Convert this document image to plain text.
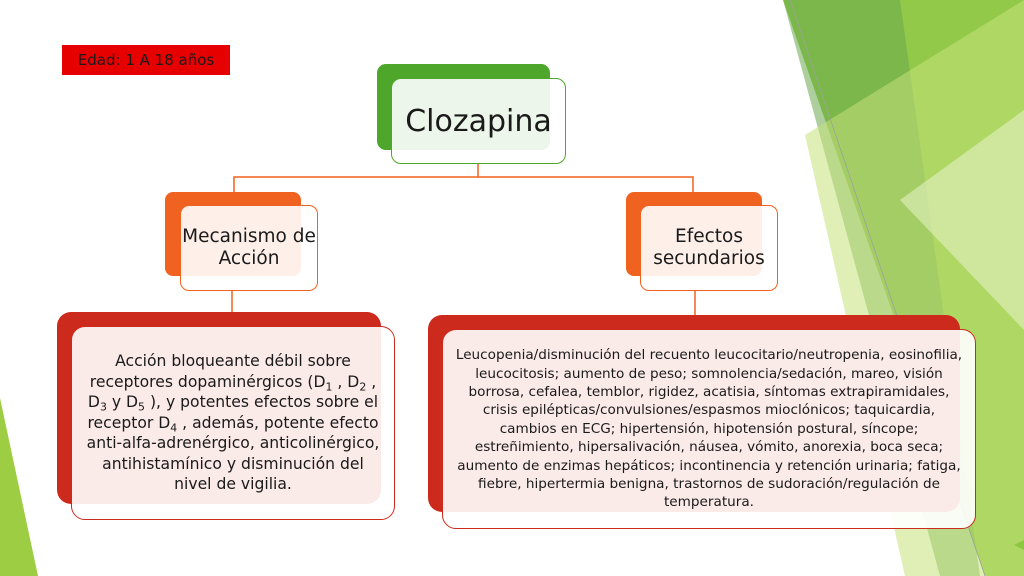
Edad: 1 A 18 años
Clozapina
Mecanismo de Acción
Efectos secundarios
Acción bloqueante débil sobre receptores dopaminérgicos ($D_1$ , $D_2$ , $D_3$ y $D_5$ ), y potentes efectos sobre el receptor $D_4$ , además, potente efecto anti-alfa-adrenérgico, anticolinérgico, antihistamínico y disminución del nivel de vigilia.
Leucopenia/disminución del recuento leucocitario/neutropenia, eosinofilia, leucocitosis; aumento de peso; somnolencia/sedación, mareo, visión borrosa, cefalea, temblor, rigidez, acatisia, síntomas extrapiramidales, crisis epilépticas/convulsiones/espasmos mioclónicos; taquicardia, cambios en ECG; hipertensión, hipotensión postural, síncope; estreñimiento, hipersalivación, náusea, vómito, anorexia, boca seca; aumento de enzimas hepáticos; incontinencia y retención urinaria; fatiga, fiebre, hipertermia benigna, trastornos de sudoración/regulación de temperatura.
